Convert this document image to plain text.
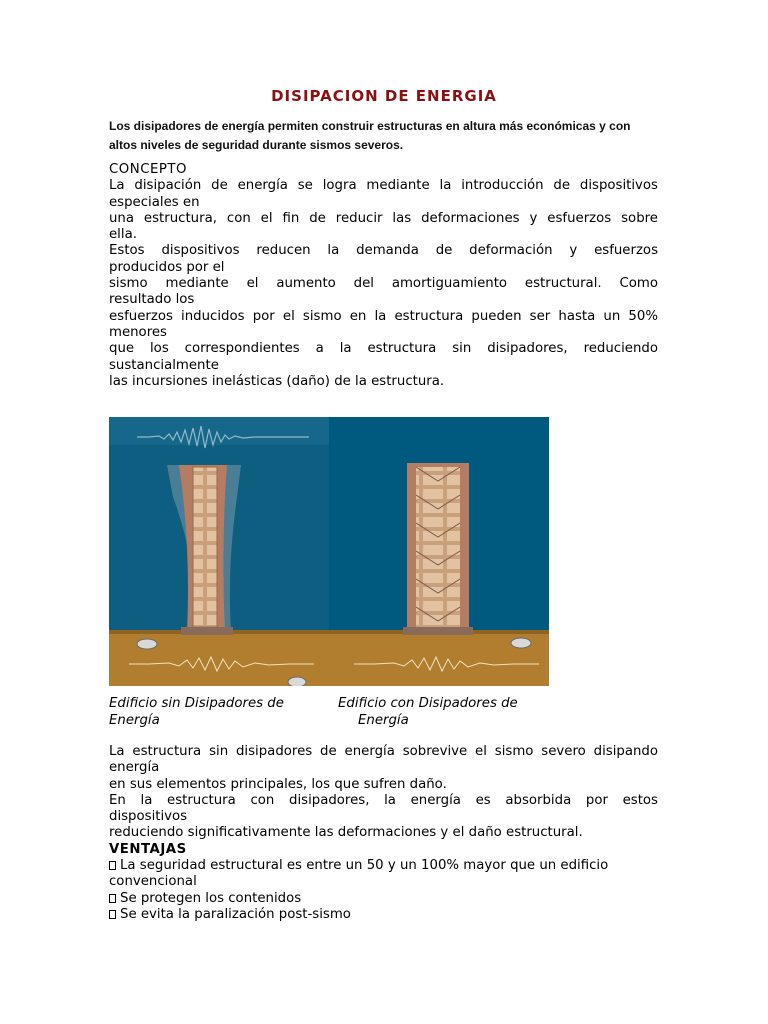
DISIPACION DE ENERGIA
Los disipadores de energía permiten construir estructuras en altura más económicas y con
altos niveles de seguridad durante sismos severos.
CONCEPTO
La disipación de energía se logra mediante la introducción de dispositivos
especiales en
una estructura, con el fin de reducir las deformaciones y esfuerzos sobre
ella.
Estos dispositivos reducen la demanda de deformación y esfuerzos
producidos por el
sismo mediante el aumento del amortiguamiento estructural. Como
resultado los
esfuerzos inducidos por el sismo en la estructura pueden ser hasta un 50%
menores
que los correspondientes a la estructura sin disipadores, reduciendo
sustancialmente
las incursiones inelásticas (daño) de la estructura.
Edificio sin Disipadores de
Energía
Edificio con Disipadores de
Energía
La estructura sin disipadores de energía sobrevive el sismo severo disipando
energía
en sus elementos principales, los que sufren daño.
En la estructura con disipadores, la energía es absorbida por estos
dispositivos
reduciendo significativamente las deformaciones y el daño estructural.
VENTAJAS
La seguridad estructural es entre un 50 y un 100% mayor que un edificio
convencional
Se protegen los contenidos
Se evita la paralización post-sismo
